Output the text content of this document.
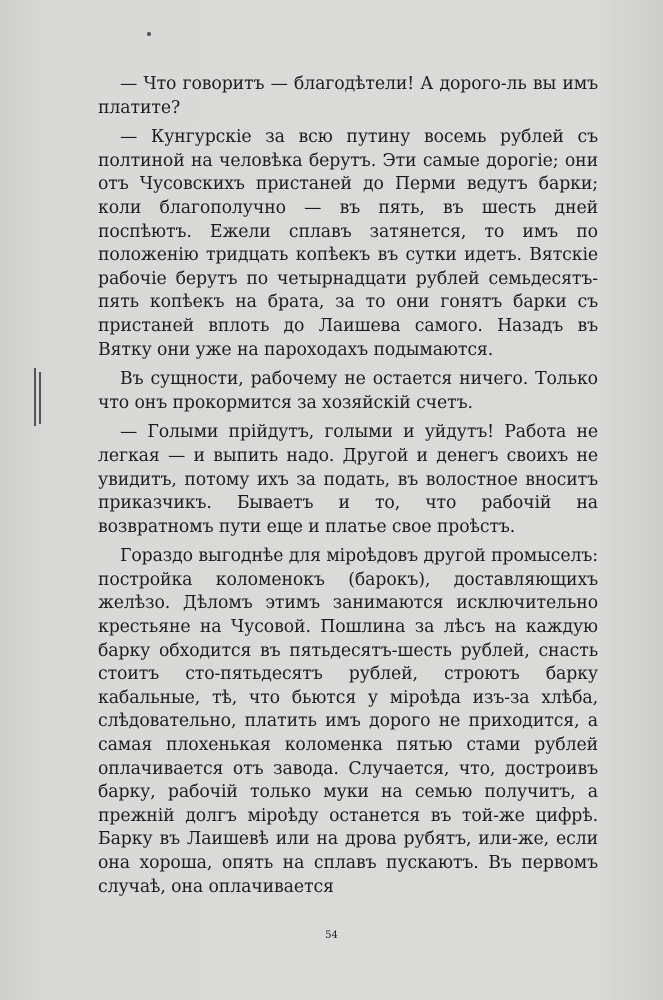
— Что говоритъ — благодѣтели! А дорого-ль вы имъ платите?

— Кунгурскіе за всю путину восемь рублей съ полтиной на человѣка берутъ. Эти самые дорогіе; они отъ Чусовскихъ пристаней до Перми ведутъ барки; коли благополучно — въ пять, въ шесть дней поспѣютъ. Ежели сплавъ затянется, то имъ по положенію тридцать копѣекъ въ сутки идетъ. Вятскіе рабочіе берутъ по четырнадцати рублей семьдесятъ-пять копѣекъ на брата, за то они гонятъ барки съ пристаней вплоть до Лаишева самого. Назадъ въ Вятку они уже на пароходахъ подымаются.

Въ сущности, рабочему не остается ничего. Только что онъ прокормится за хозяйскій счетъ.

— Голыми прійдутъ, голыми и уйдутъ! Работа не легкая — и выпить надо. Другой и денегъ своихъ не увидитъ, потому ихъ за подать, въ волостное вноситъ приказчикъ. Бываетъ и то, что рабочій на возвратномъ пути еще и платье свое проѣстъ.

Гораздо выгоднѣе для міроѣдовъ другой промыселъ: постройка коломенокъ (барокъ), доставляющихъ желѣзо. Дѣломъ этимъ занимаются исключительно крестьяне на Чусовой. Пошлина за лѣсъ на каждую барку обходится въ пятьдесятъ-шесть рублей, снасть стоитъ сто-пятьдесятъ рублей, строютъ барку кабальные, тѣ, что бьются у міроѣда изъ-за хлѣба, слѣдовательно, платить имъ дорого не приходится, а самая плохенькая коломенка пятью стами рублей оплачивается отъ завода. Случается, что, достроивъ барку, рабочій только муки на семью получитъ, а прежній долгъ міроѣду останется въ той-же цифрѣ. Барку въ Лаишевѣ или на дрова рубятъ, или-же, если она хороша, опять на сплавъ пускаютъ. Въ первомъ случаѣ, она оплачивается

54
